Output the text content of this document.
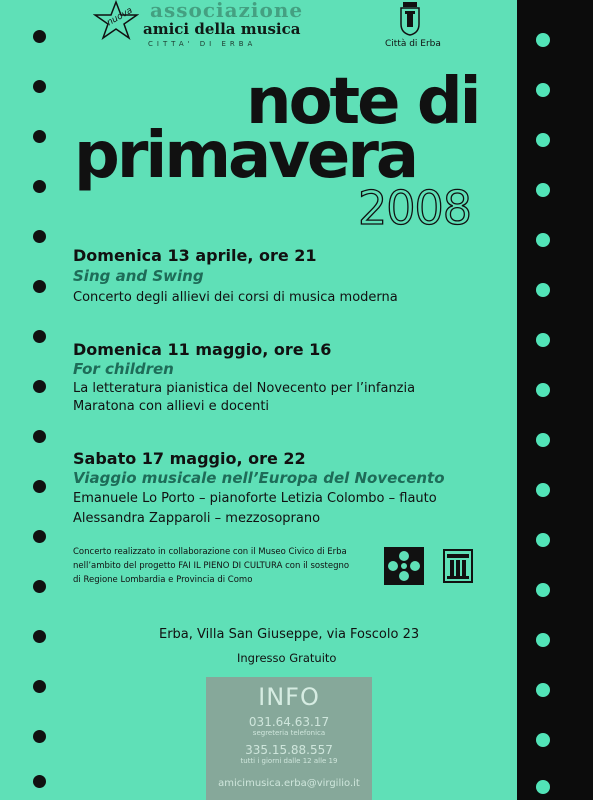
nuova associazione
amici della musica
CITTA' DI ERBA	Città di Erba
note di
primavera
2008
Domenica 13 aprile, ore 21
Sing and Swing
Concerto degli allievi dei corsi di musica moderna
Domenica 11 maggio, ore 16
For children
La letteratura pianistica del Novecento per l’infanzia
Maratona con allievi e docenti
Sabato 17 maggio, ore 22
Viaggio musicale nell’Europa del Novecento
Emanuele Lo Porto – pianoforte Letizia Colombo – flauto
Alessandra Zapparoli – mezzosoprano
Concerto realizzato in collaborazione con il Museo Civico di Erba
nell’ambito del progetto FAI IL PIENO DI CULTURA con il sostegno
di Regione Lombardia e Provincia di Como
Erba, Villa San Giuseppe, via Foscolo 23
Ingresso Gratuito
INFO
031.64.63.17
segreteria telefonica
335.15.88.557
tutti i giorni dalle 12 alle 19
amicimusica.erba@virgilio.it
